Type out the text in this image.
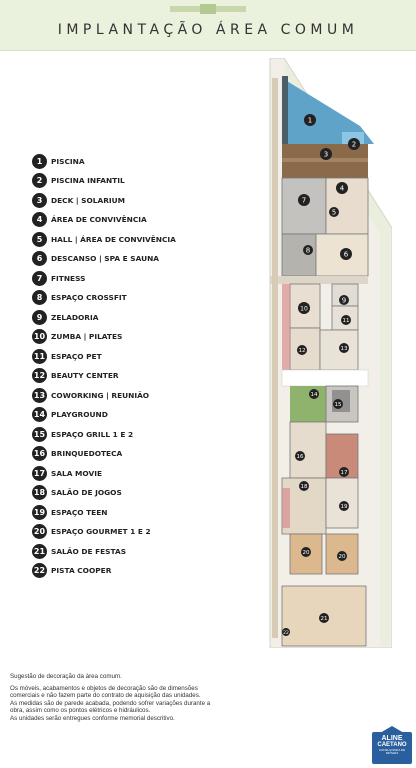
IMPLANTAÇÃO ÁREA COMUM
1	PISCINA
2	PISCINA INFANTIL
3	DECK | SOLARIUM
4	ÁREA DE CONVIVÊNCIA
5	HALL | ÁREA DE CONVIVÊNCIA
6	DESCANSO | SPA E SAUNA
7	FITNESS
8	ESPAÇO CROSSFIT
9	ZELADORIA
10 ZUMBA | PILATES
11 ESPAÇO PET
12 BEAUTY CENTER
13 COWORKING | REUNIÃO
14 PLAYGROUND
15 ESPAÇO GRILL 1 E 2
16 BRINQUEDOTECA
17 SALA MOVIE
18 SALÃO DE JOGOS
19 ESPAÇO TEEN
20 ESPAÇO GOURMET 1 E 2
21 SALÃO DE FESTAS
22 PISTA COOPER
1
3
2
4
7
5
8	6
9
10
11
12	13
14
15
16
17
18
19
20
20
21
22
Sugestão de decoração da área comum.
Os móveis, acabamentos e objetos de decoração são de dimensões
comerciais e não fazem parte do contrato de aquisição das unidades.
As medidas são de parede acabada, podendo sofrer variações durante a
obra, assim como os pontos elétricos e hidráulicos.
As unidades serão entregues conforme memorial descritivo.
ALINE
CAETANO
CONSULTORIA DE IMÓVEIS
